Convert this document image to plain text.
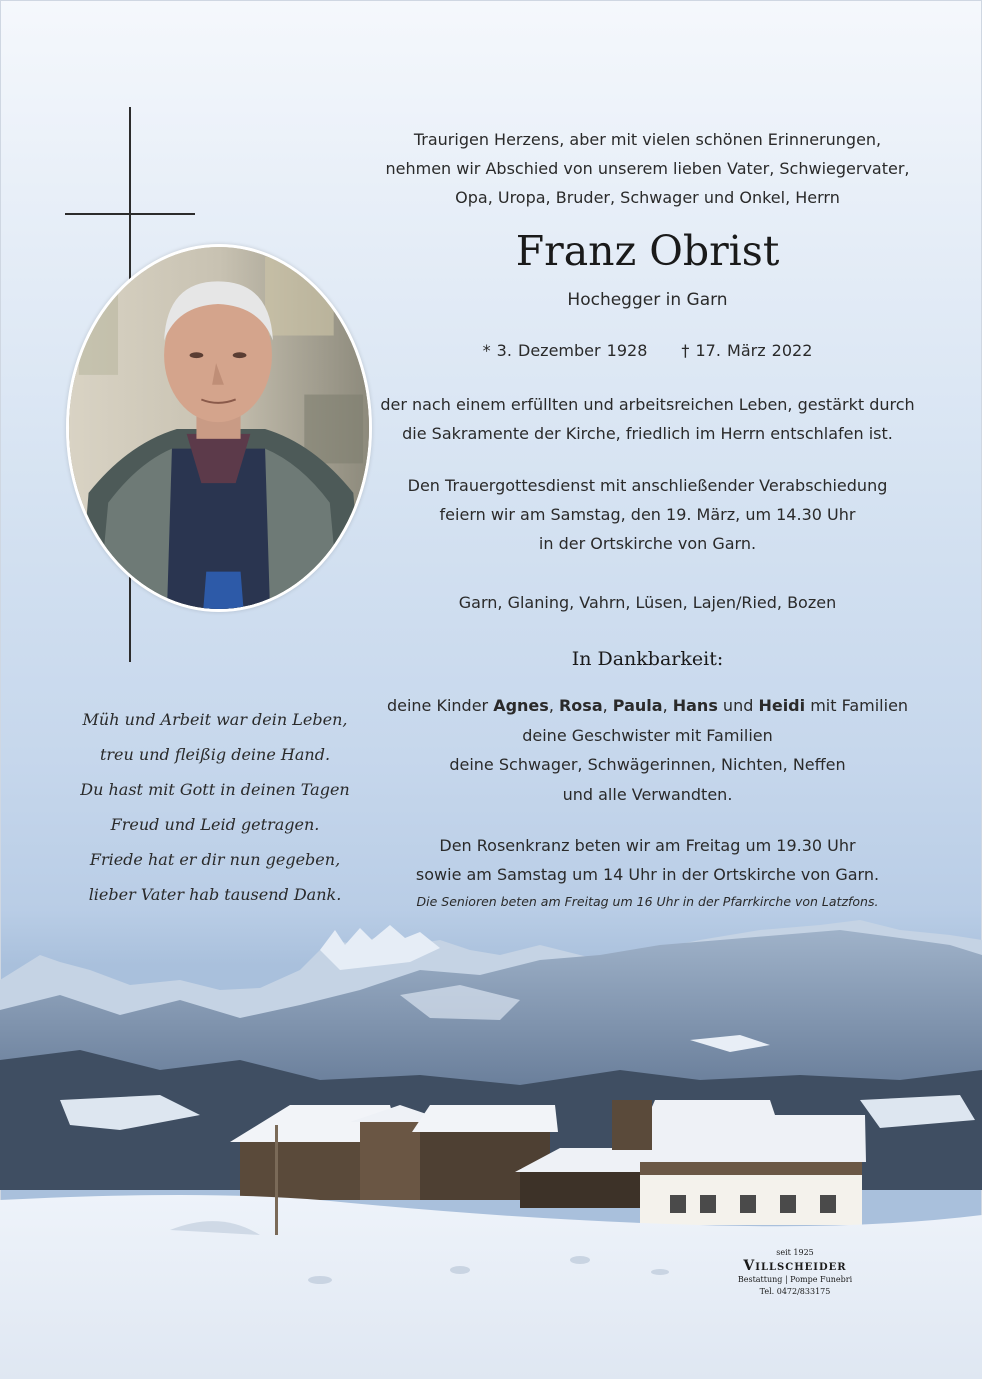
Müh und Arbeit war dein Leben,
treu und fleißig deine Hand.
Du hast mit Gott in deinen Tagen
Freud und Leid getragen.
Friede hat er dir nun gegeben,
lieber Vater hab tausend Dank.
Traurigen Herzens, aber mit vielen schönen Erinnerungen,
nehmen wir Abschied von unserem lieben Vater, Schwiegervater,
Opa, Uropa, Bruder, Schwager und Onkel, Herrn
Franz Obrist
Hochegger in Garn
* 3. Dezember 1928 † 17. März 2022
der nach einem erfüllten und arbeitsreichen Leben, gestärkt durch
die Sakramente der Kirche, friedlich im Herrn entschlafen ist.
Den Trauergottesdienst mit anschließender Verabschiedung
feiern wir am Samstag, den 19. März, um 14.30 Uhr
in der Ortskirche von Garn.
Garn, Glaning, Vahrn, Lüsen, Lajen/Ried, Bozen
In Dankbarkeit:
deine Kinder Agnes, Rosa, Paula, Hans und Heidi mit Familien
deine Geschwister mit Familien
deine Schwager, Schwägerinnen, Nichten, Neffen
und alle Verwandten.
Den Rosenkranz beten wir am Freitag um 19.30 Uhr
sowie am Samstag um 14 Uhr in der Ortskirche von Garn.
Die Senioren beten am Freitag um 16 Uhr in der Pfarrkirche von Latzfons.
seit 1925
Villscheider
Bestattung | Pompe Funebri
Tel. 0472/833175
